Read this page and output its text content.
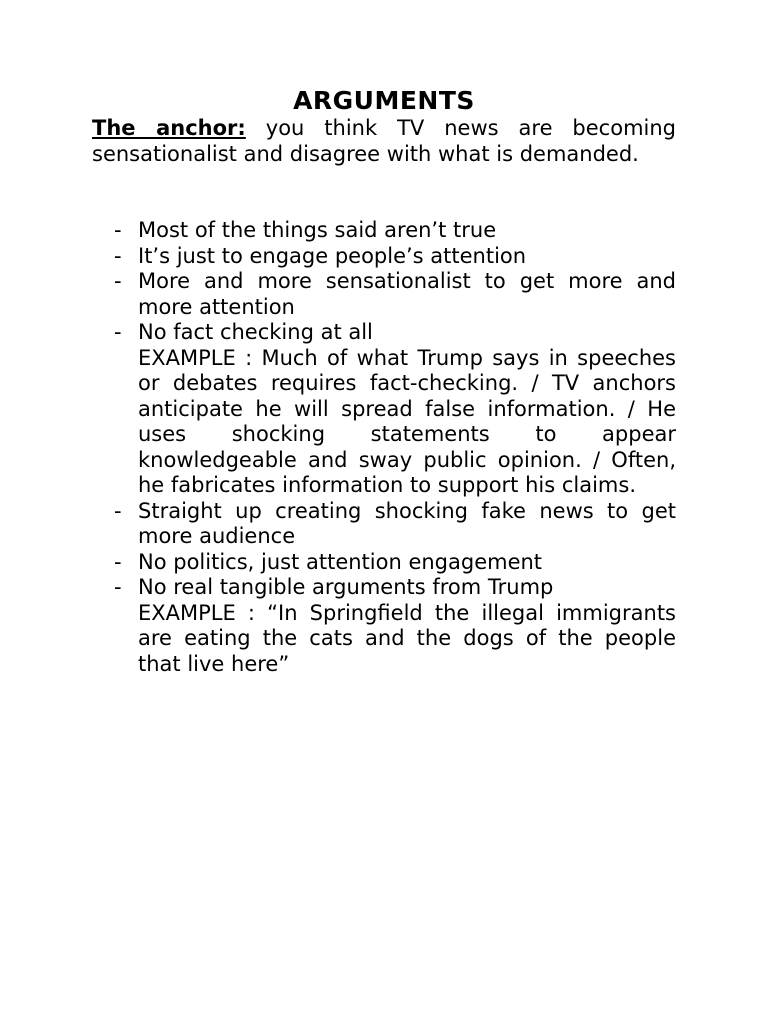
ARGUMENTS

The anchor: you think TV news are becoming sensationalist and disagree with what is demanded.

- Most of the things said aren’t true
- It’s just to engage people’s attention
- More and more sensationalist to get more and more attention
- No fact checking at all
EXAMPLE : Much of what Trump says in speeches or debates requires fact-checking. / TV anchors anticipate he will spread false information. / He uses shocking statements to appear knowledgeable and sway public opinion. / Often, he fabricates information to support his claims.
- Straight up creating shocking fake news to get more audience
- No politics, just attention engagement
- No real tangible arguments from Trump
EXAMPLE : “In Springfield the illegal immigrants are eating the cats and the dogs of the people that live here”
